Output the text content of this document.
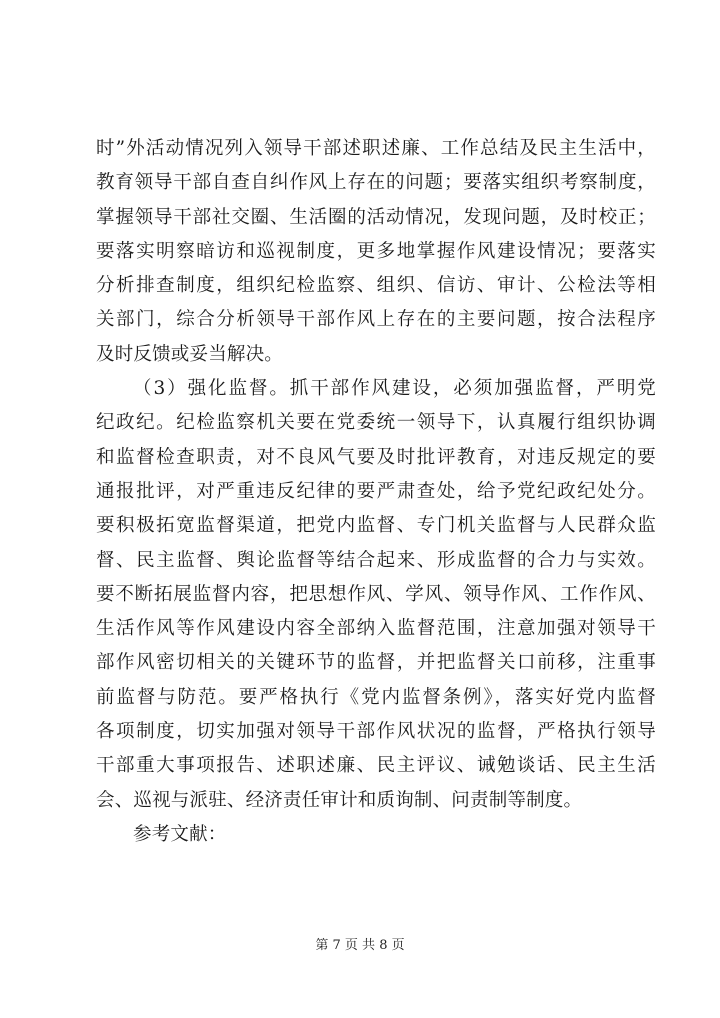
时”外活动情况列入领导干部述职述廉、工作总结及民主生活中，
教育领导干部自查自纠作风上存在的问题；要落实组织考察制度，
掌握领导干部社交圈、生活圈的活动情况，发现问题，及时校正；
要落实明察暗访和巡视制度，更多地掌握作风建设情况；要落实
分析排查制度，组织纪检监察、组织、信访、审计、公检法等相
关部门，综合分析领导干部作风上存在的主要问题，按合法程序
及时反馈或妥当解决。
（3）强化监督。抓干部作风建设，必须加强监督，严明党
纪政纪。纪检监察机关要在党委统一领导下，认真履行组织协调
和监督检查职责，对不良风气要及时批评教育，对违反规定的要
通报批评，对严重违反纪律的要严肃查处，给予党纪政纪处分。
要积极拓宽监督渠道，把党内监督、专门机关监督与人民群众监
督、民主监督、舆论监督等结合起来、形成监督的合力与实效。
要不断拓展监督内容，把思想作风、学风、领导作风、工作作风、
生活作风等作风建设内容全部纳入监督范围，注意加强对领导干
部作风密切相关的关键环节的监督，并把监督关口前移，注重事
前监督与防范。要严格执行《党内监督条例》，落实好党内监督
各项制度，切实加强对领导干部作风状况的监督，严格执行领导
干部重大事项报告、述职述廉、民主评议、诫勉谈话、民主生活
会、巡视与派驻、经济责任审计和质询制、问责制等制度。
参考文献：
第 7 页 共 8 页
